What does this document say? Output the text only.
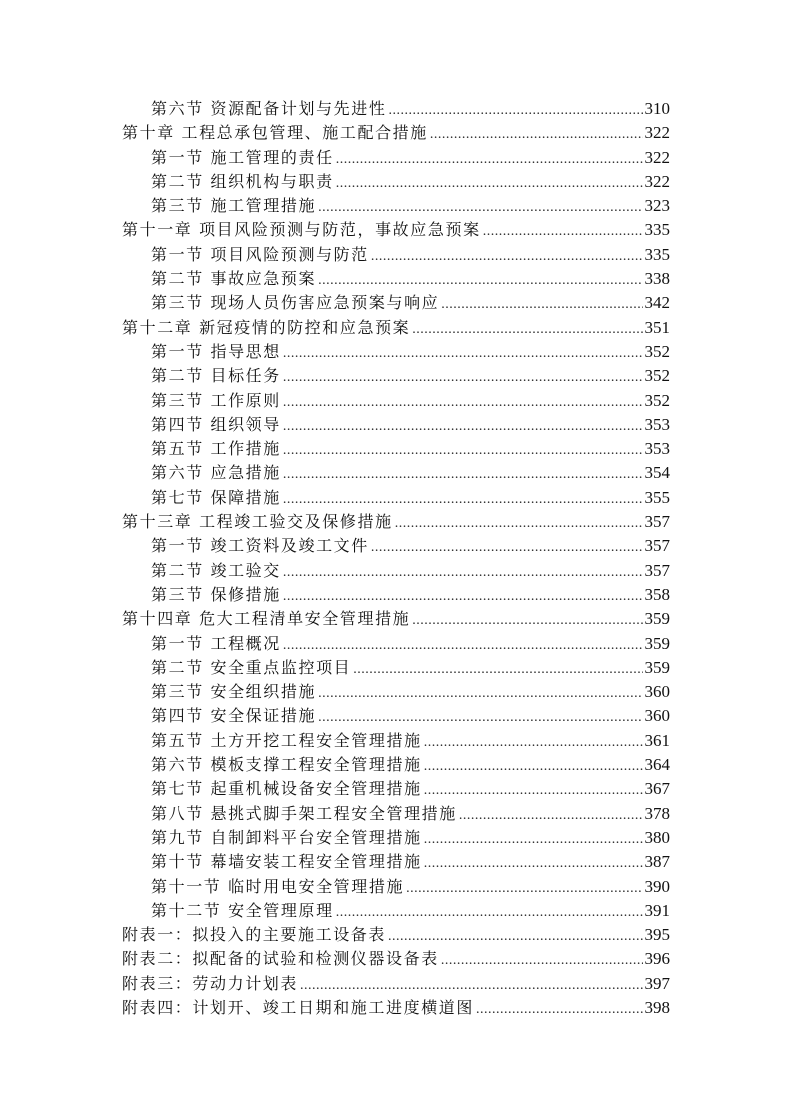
第六节 资源配备计划与先进性 .....	310
第十章 工程总承包管理、施工配合措施 .....	322
第一节 施工管理的责任 .....	322
第二节 组织机构与职责 .....	322
第三节 施工管理措施 .....	323
第十一章 项目风险预测与防范，事故应急预案 .....	335
第一节 项目风险预测与防范 .....	335
第二节 事故应急预案 .....	338
第三节 现场人员伤害应急预案与响应 .....	342
第十二章 新冠疫情的防控和应急预案 .....	351
第一节 指导思想 .....	352
第二节 目标任务 .....	352
第三节 工作原则 .....	352
第四节 组织领导 .....	353
第五节 工作措施 .....	353
第六节 应急措施 .....	354
第七节 保障措施 .....	355
第十三章 工程竣工验交及保修措施 .....	357
第一节 竣工资料及竣工文件 .....	357
第二节 竣工验交 .....	357
第三节 保修措施 .....	358
第十四章 危大工程清单安全管理措施 .....	359
第一节 工程概况 .....	359
第二节 安全重点监控项目 .....	359
第三节 安全组织措施 .....	360
第四节 安全保证措施 .....	360
第五节 土方开挖工程安全管理措施 .....	361
第六节 模板支撑工程安全管理措施 .....	364
第七节 起重机械设备安全管理措施 .....	367
第八节 悬挑式脚手架工程安全管理措施 .....	378
第九节 自制卸料平台安全管理措施 .....	380
第十节 幕墙安装工程安全管理措施 .....	387
第十一节 临时用电安全管理措施 .....	390
第十二节 安全管理原理 .....	391
附表一：拟投入的主要施工设备表 .....	395
附表二：拟配备的试验和检测仪器设备表 .....	396
附表三：劳动力计划表 .....	397
附表四：计划开、竣工日期和施工进度横道图 .....	398
